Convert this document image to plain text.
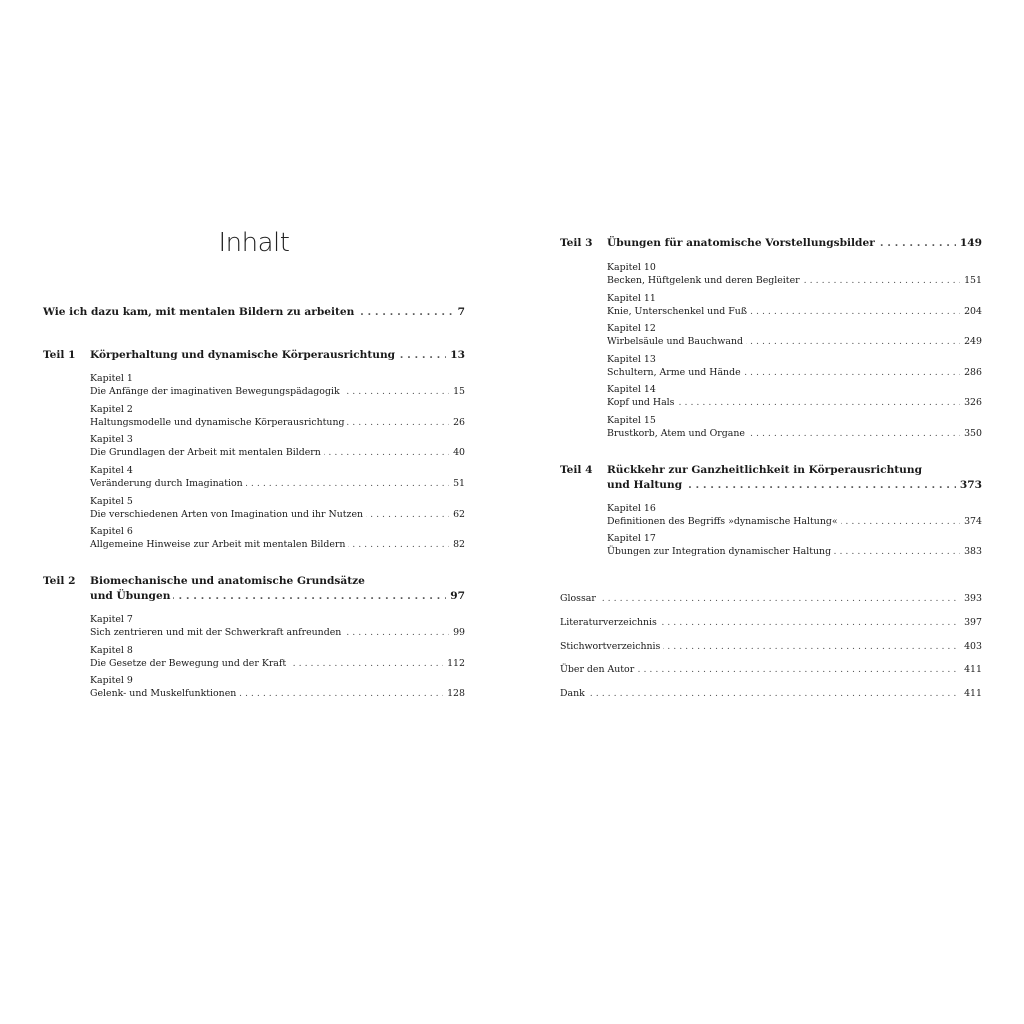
Inhalt
Wie ich dazu kam, mit mentalen Bildern zu arbeiten . . .	7
Teil 1 Körperhaltung und dynamische Körperausrichtung . . .	13
Kapitel 1
Die Anfänge der imaginativen Bewegungspädagogik . . .	15
Kapitel 2
Haltungsmodelle und dynamische Körperausrichtung . . .	26
Kapitel 3
Die Grundlagen der Arbeit mit mentalen Bildern . . .	40
Kapitel 4
Veränderung durch Imagination . . .	51
Kapitel 5
Die verschiedenen Arten von Imagination und ihr Nutzen . . .	62
Kapitel 6
Allgemeine Hinweise zur Arbeit mit mentalen Bildern . . .	82
Teil 2 Biomechanische und anatomische Grundsätze
und Übungen . . .	97
Kapitel 7
Sich zentrieren und mit der Schwerkraft anfreunden . . .	99
Kapitel 8
Die Gesetze der Bewegung und der Kraft . . .	112
Kapitel 9
Gelenk- und Muskelfunktionen . . .	128
Teil 3 Übungen für anatomische Vorstellungsbilder . . .	149
Kapitel 10
Becken, Hüftgelenk und deren Begleiter . . .	151
Kapitel 11
Knie, Unterschenkel und Fuß . . .	204
Kapitel 12
Wirbelsäule und Bauchwand . . .	249
Kapitel 13
Schultern, Arme und Hände . . .	286
Kapitel 14
Kopf und Hals . . .	326
Kapitel 15
Brustkorb, Atem und Organe . . .	350
Teil 4 Rückkehr zur Ganzheitlichkeit in Körperausrichtung
und Haltung . . .	373
Kapitel 16
Definitionen des Begriffs »dynamische Haltung« . . .	374
Kapitel 17
Übungen zur Integration dynamischer Haltung . . .	383
Glossar . . .	393
Literaturverzeichnis . . .	397
Stichwortverzeichnis . . .	403
Über den Autor . . .	411
Dank . . .	411
